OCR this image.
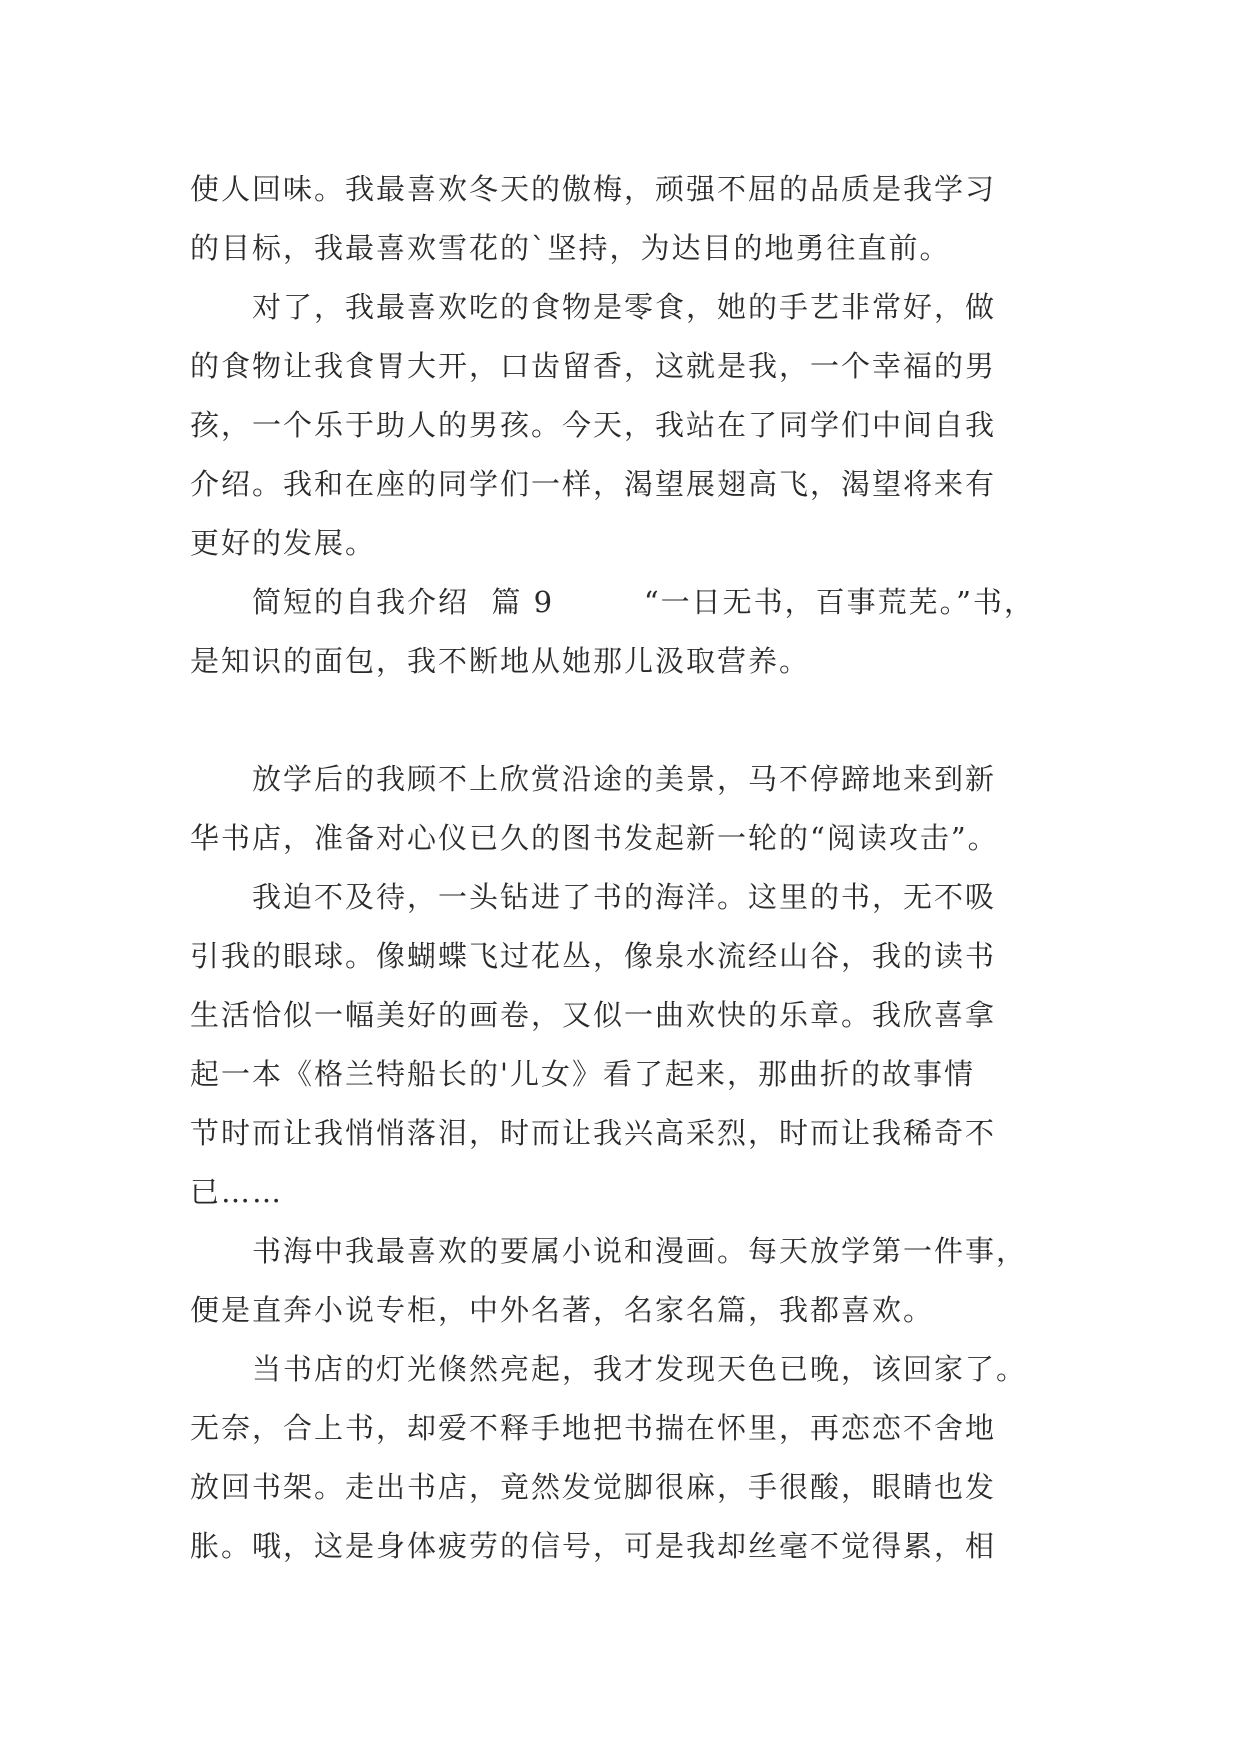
使人回味。我最喜欢冬天的傲梅，顽强不屈的品质是我学习
的目标，我最喜欢雪花的`坚持，为达目的地勇往直前。
对了，我最喜欢吃的食物是零食，她的手艺非常好，做
的食物让我食胃大开，口齿留香，这就是我，一个幸福的男
孩，一个乐于助人的男孩。今天，我站在了同学们中间自我
介绍。我和在座的同学们一样，渴望展翅高飞，渴望将来有
更好的发展。
简短的自我介绍  篇 9        “一日无书，百事荒芜。”书，
是知识的面包，我不断地从她那儿汲取营养。
放学后的我顾不上欣赏沿途的美景，马不停蹄地来到新
华书店，准备对心仪已久的图书发起新一轮的“阅读攻击”。
我迫不及待，一头钻进了书的海洋。这里的书，无不吸
引我的眼球。像蝴蝶飞过花丛，像泉水流经山谷，我的读书
生活恰似一幅美好的画卷，又似一曲欢快的乐章。我欣喜拿
起一本《格兰特船长的'儿女》看了起来，那曲折的故事情
节时而让我悄悄落泪，时而让我兴高采烈，时而让我稀奇不
已……
书海中我最喜欢的要属小说和漫画。每天放学第一件事，
便是直奔小说专柜，中外名著，名家名篇，我都喜欢。
当书店的灯光倏然亮起，我才发现天色已晚，该回家了。
无奈，合上书，却爱不释手地把书揣在怀里，再恋恋不舍地
放回书架。走出书店，竟然发觉脚很麻，手很酸，眼睛也发
胀。哦，这是身体疲劳的信号，可是我却丝毫不觉得累，相
